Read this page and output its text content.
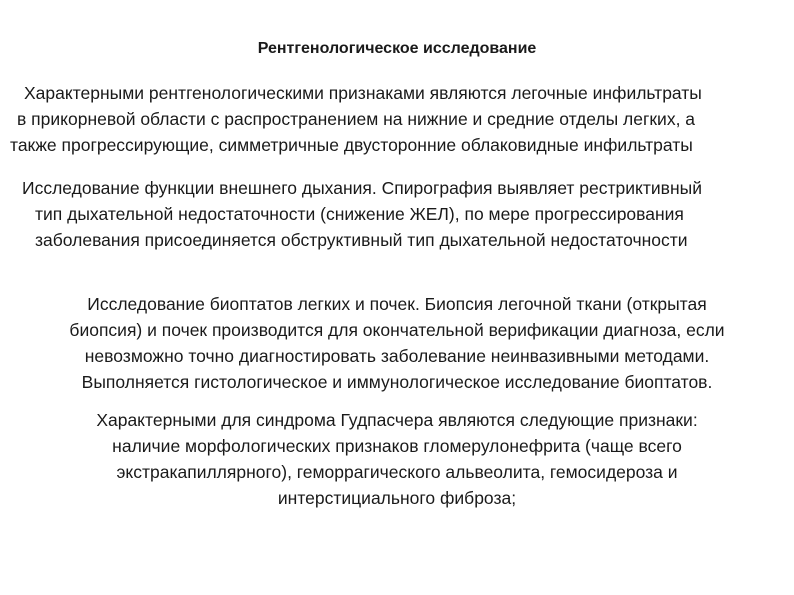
Рентгенологическое исследование
Характерными рентгенологическими признаками являются легочные инфильтраты
в прикорневой области с распространением на нижние и средние отделы легких, а
также прогрессирующие, симметричные двусторонние облаковидные инфильтраты
Исследование функции внешнего дыхания. Спирография выявляет рестриктивный
тип дыхательной недостаточности (снижение ЖЕЛ), по мере прогрессирования
заболевания присоединяется обструктивный тип дыхательной недостаточности
Исследование биоптатов легких и почек. Биопсия легочной ткани (открытая
биопсия) и почек производится для окончательной верификации диагноза, если
невозможно точно диагностировать заболевание неинвазивными методами.
Выполняется гистологическое и иммунологическое исследование биоптатов.
Характерными для синдрома Гудпасчера являются следующие признаки:
наличие морфологических признаков гломерулонефрита (чаще всего
экстракапиллярного), геморрагического альвеолита, гемосидероза и
интерстициального фиброза;
